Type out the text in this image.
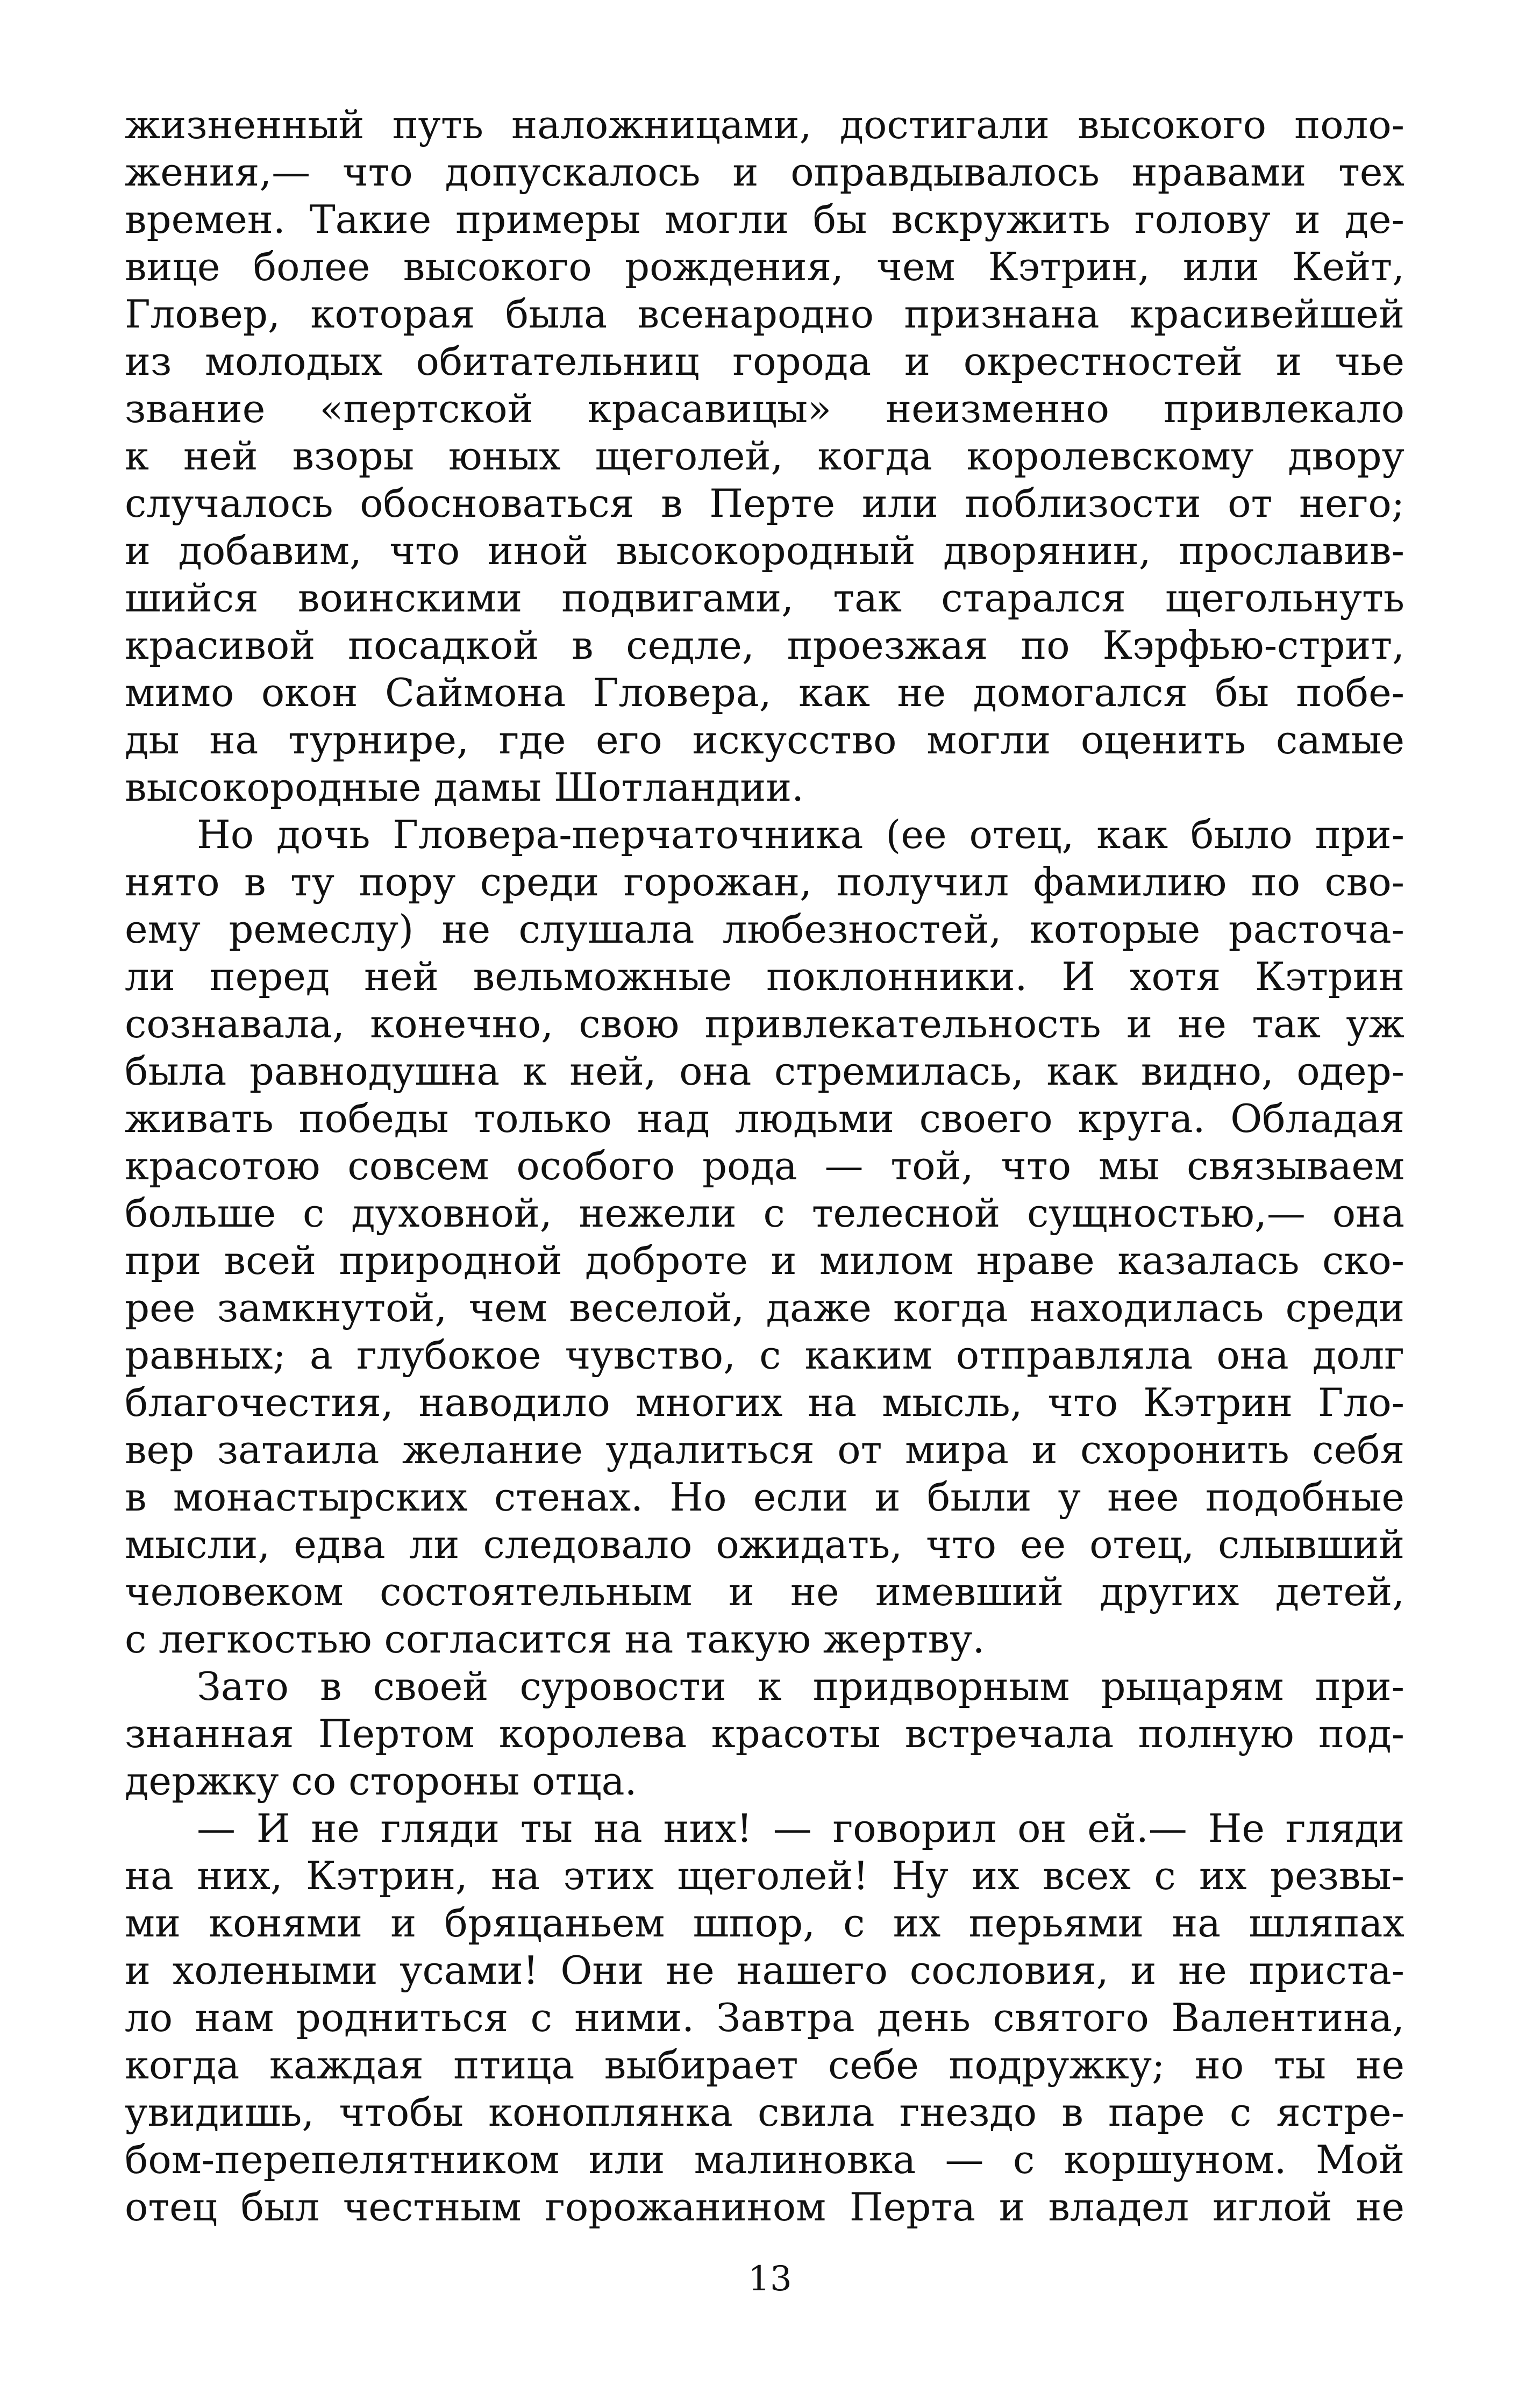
жизненный путь наложницами, достигали высокого поло-
жения,— что допускалось и оправдывалось нравами тех
времен. Такие примеры могли бы вскружить голову и де-
вице более высокого рождения, чем Кэтрин, или Кейт,
Гловер, которая была всенародно признана красивейшей
из молодых обитательниц города и окрестностей и чье
звание «пертской красавицы» неизменно привлекало
к ней взоры юных щеголей, когда королевскому двору
случалось обосноваться в Перте или поблизости от него;
и добавим, что иной высокородный дворянин, прославив-
шийся воинскими подвигами, так старался щегольнуть
красивой посадкой в седле, проезжая по Кэрфью-стрит,
мимо окон Саймона Гловера, как не домогался бы побе-
ды на турнире, где его искусство могли оценить самые
высокородные дамы Шотландии.
Но дочь Гловера-перчаточника (ее отец, как было при-
нято в ту пору среди горожан, получил фамилию по сво-
ему ремеслу) не слушала любезностей, которые расточа-
ли перед ней вельможные поклонники. И хотя Кэтрин
сознавала, конечно, свою привлекательность и не так уж
была равнодушна к ней, она стремилась, как видно, одер-
живать победы только над людьми своего круга. Обладая
красотою совсем особого рода — той, что мы связываем
больше с духовной, нежели с телесной сущностью,— она
при всей природной доброте и милом нраве казалась ско-
рее замкнутой, чем веселой, даже когда находилась среди
равных; а глубокое чувство, с каким отправляла она долг
благочестия, наводило многих на мысль, что Кэтрин Гло-
вер затаила желание удалиться от мира и схоронить себя
в монастырских стенах. Но если и были у нее подобные
мысли, едва ли следовало ожидать, что ее отец, слывший
человеком состоятельным и не имевший других детей,
с легкостью согласится на такую жертву.
Зато в своей суровости к придворным рыцарям при-
знанная Пертом королева красоты встречала полную под-
держку со стороны отца.
— И не гляди ты на них! — говорил он ей.— Не гляди
на них, Кэтрин, на этих щеголей! Ну их всех с их резвы-
ми конями и бряцаньем шпор, с их перьями на шляпах
и холеными усами! Они не нашего сословия, и не приста-
ло нам родниться с ними. Завтра день святого Валентина,
когда каждая птица выбирает себе подружку; но ты не
увидишь, чтобы коноплянка свила гнездо в паре с ястре-
бом-перепелятником или малиновка — с коршуном. Мой
отец был честным горожанином Перта и владел иглой не
13
